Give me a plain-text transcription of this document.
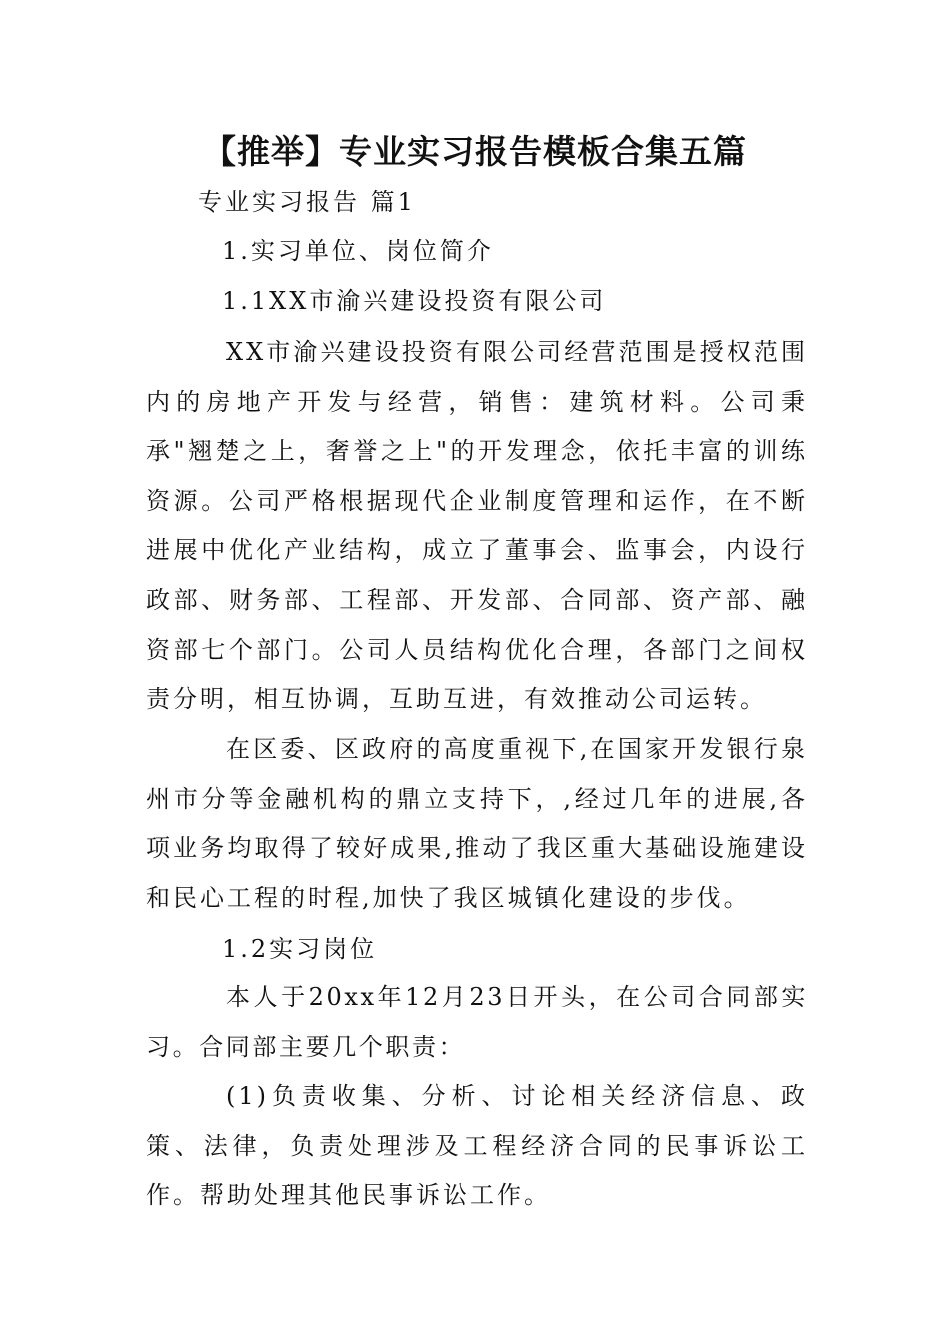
【推举】专业实习报告模板合集五篇

专业实习报告 篇1

1.实习单位、岗位简介

1.1XX市渝兴建设投资有限公司

XX市渝兴建设投资有限公司经营范围是授权范围内的房地产开发与经营，销售：建筑材料。公司秉承"翘楚之上，奢誉之上"的开发理念，依托丰富的训练资源。公司严格根据现代企业制度管理和运作，在不断进展中优化产业结构，成立了董事会、监事会，内设行政部、财务部、工程部、开发部、合同部、资产部、融资部七个部门。公司人员结构优化合理，各部门之间权责分明，相互协调，互助互进，有效推动公司运转。

在区委、区政府的高度重视下,在国家开发银行泉州市分等金融机构的鼎立支持下，,经过几年的进展,各项业务均取得了较好成果,推动了我区重大基础设施建设和民心工程的时程,加快了我区城镇化建设的步伐。

1.2实习岗位

本人于20xx年12月23日开头，在公司合同部实习。合同部主要几个职责：

(1)负责收集、分析、讨论相关经济信息、政策、法律，负责处理涉及工程经济合同的民事诉讼工作。帮助处理其他民事诉讼工作。
